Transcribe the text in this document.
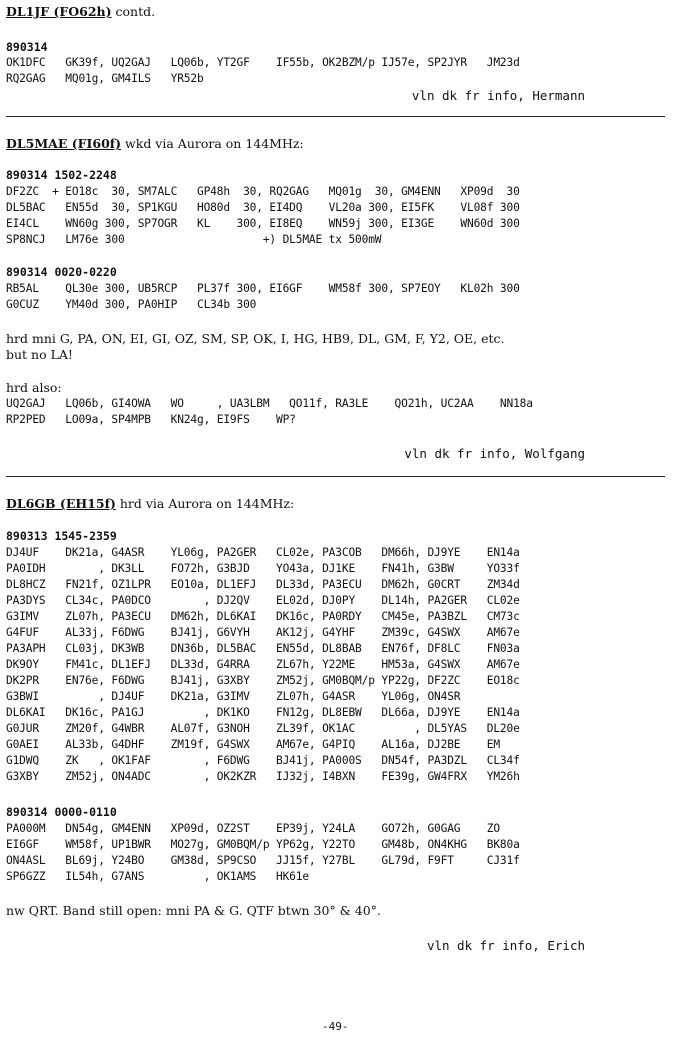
DL1JF (FO62h) contd.
890314
OK1DFC   GK39f, UQ2GAJ   LQ06b, YT2GF    IF55b, OK2BZM/p IJ57e, SP2JYR   JM23d
RQ2GAG   MQ01g, GM4ILS   YR52b
vln dk fr info, Hermann
DL5MAE (FI60f) wkd via Aurora on 144MHz:
890314 1502-2248
DF2ZC  + EO18c  30, SM7ALC   GP48h  30, RQ2GAG   MQ01g  30, GM4ENN   XP09d  30
DL5BAC   EN55d  30, SP1KGU   HO80d  30, EI4DQ    VL20a 300, EI5FK    VL08f 300
EI4CL    WN60g 300, SP7OGR   KL    300, EI8EQ    WN59j 300, EI3GE    WN60d 300
SP8NCJ   LM76e 300                     +) DL5MAE tx 500mW
890314 0020-0220
RB5AL    QL30e 300, UB5RCP   PL37f 300, EI6GF    WM58f 300, SP7EOY   KL02h 300
G0CUZ    YM40d 300, PA0HIP   CL34b 300
hrd mni G, PA, ON, EI, GI, OZ, SM, SP, OK, I, HG, HB9, DL, GM, F, Y2, OE, etc.
but no LA!
hrd also:
UQ2GAJ   LQ06b, GI4OWA   WO     , UA3LBM   QO11f, RA3LE    QO21h, UC2AA    NN18a
RP2PED   LO09a, SP4MPB   KN24g, EI9FS    WP?
vln dk fr info, Wolfgang
DL6GB (EH15f) hrd via Aurora on 144MHz:
890313 1545-2359
DJ4UF    DK21a, G4ASR    YL06g, PA2GER   CL02e, PA3COB   DM66h, DJ9YE    EN14a
PA0IDH        , DK3LL    FO72h, G3BJD    YO43a, DJ1KE    FN41h, G3BW     YO33f
DL8HCZ   FN21f, OZ1LPR   EO10a, DL1EFJ   DL33d, PA3ECU   DM62h, G0CRT    ZM34d
PA3DYS   CL34c, PA0DCO        , DJ2QV    EL02d, DJ0PY    DL14h, PA2GER   CL02e
G3IMV    ZL07h, PA3ECU   DM62h, DL6KAI   DK16c, PA0RDY   CM45e, PA3BZL   CM73c
G4FUF    AL33j, F6DWG    BJ41j, G6VYH    AK12j, G4YHF    ZM39c, G4SWX    AM67e
PA3APH   CL03j, DK3WB    DN36b, DL5BAC   EN55d, DL8BAB   EN76f, DF8LC    FN03a
DK9OY    FM41c, DL1EFJ   DL33d, G4RRA    ZL67h, Y22ME    HM53a, G4SWX    AM67e
DK2PR    EN76e, F6DWG    BJ41j, G3XBY    ZM52j, GM0BQM/p YP22g, DF2ZC    EO18c
G3BWI         , DJ4UF    DK21a, G3IMV    ZL07h, G4ASR    YL06g, ON4SR
DL6KAI   DK16c, PA1GJ         , DK1KO    FN12g, DL8EBW   DL66a, DJ9YE    EN14a
G0JUR    ZM20f, G4WBR    AL07f, G3NOH    ZL39f, OK1AC         , DL5YAS   DL20e
G0AEI    AL33b, G4DHF    ZM19f, G4SWX    AM67e, G4PIQ    AL16a, DJ2BE    EM
G1DWQ    ZK   , OK1FAF        , F6DWG    BJ41j, PA000S   DN54f, PA3DZL   CL34f
G3XBY    ZM52j, ON4ADC        , OK2KZR   IJ32j, I4BXN    FE39g, GW4FRX   YM26h
890314 0000-0110
PA000M   DN54g, GM4ENN   XP09d, OZ2ST    EP39j, Y24LA    GO72h, G0GAG    ZO
EI6GF    WM58f, UP1BWR   MO27g, GM0BQM/p YP62g, Y22TO    GM48b, ON4KHG   BK80a
ON4ASL   BL69j, Y24BO    GM38d, SP9CSO   JJ15f, Y27BL    GL79d, F9FT     CJ31f
SP6GZZ   IL54h, G7ANS         , OK1AMS   HK61e
nw QRT. Band still open: mni PA & G. QTF btwn 30° & 40°.
vln dk fr info, Erich
-49-
